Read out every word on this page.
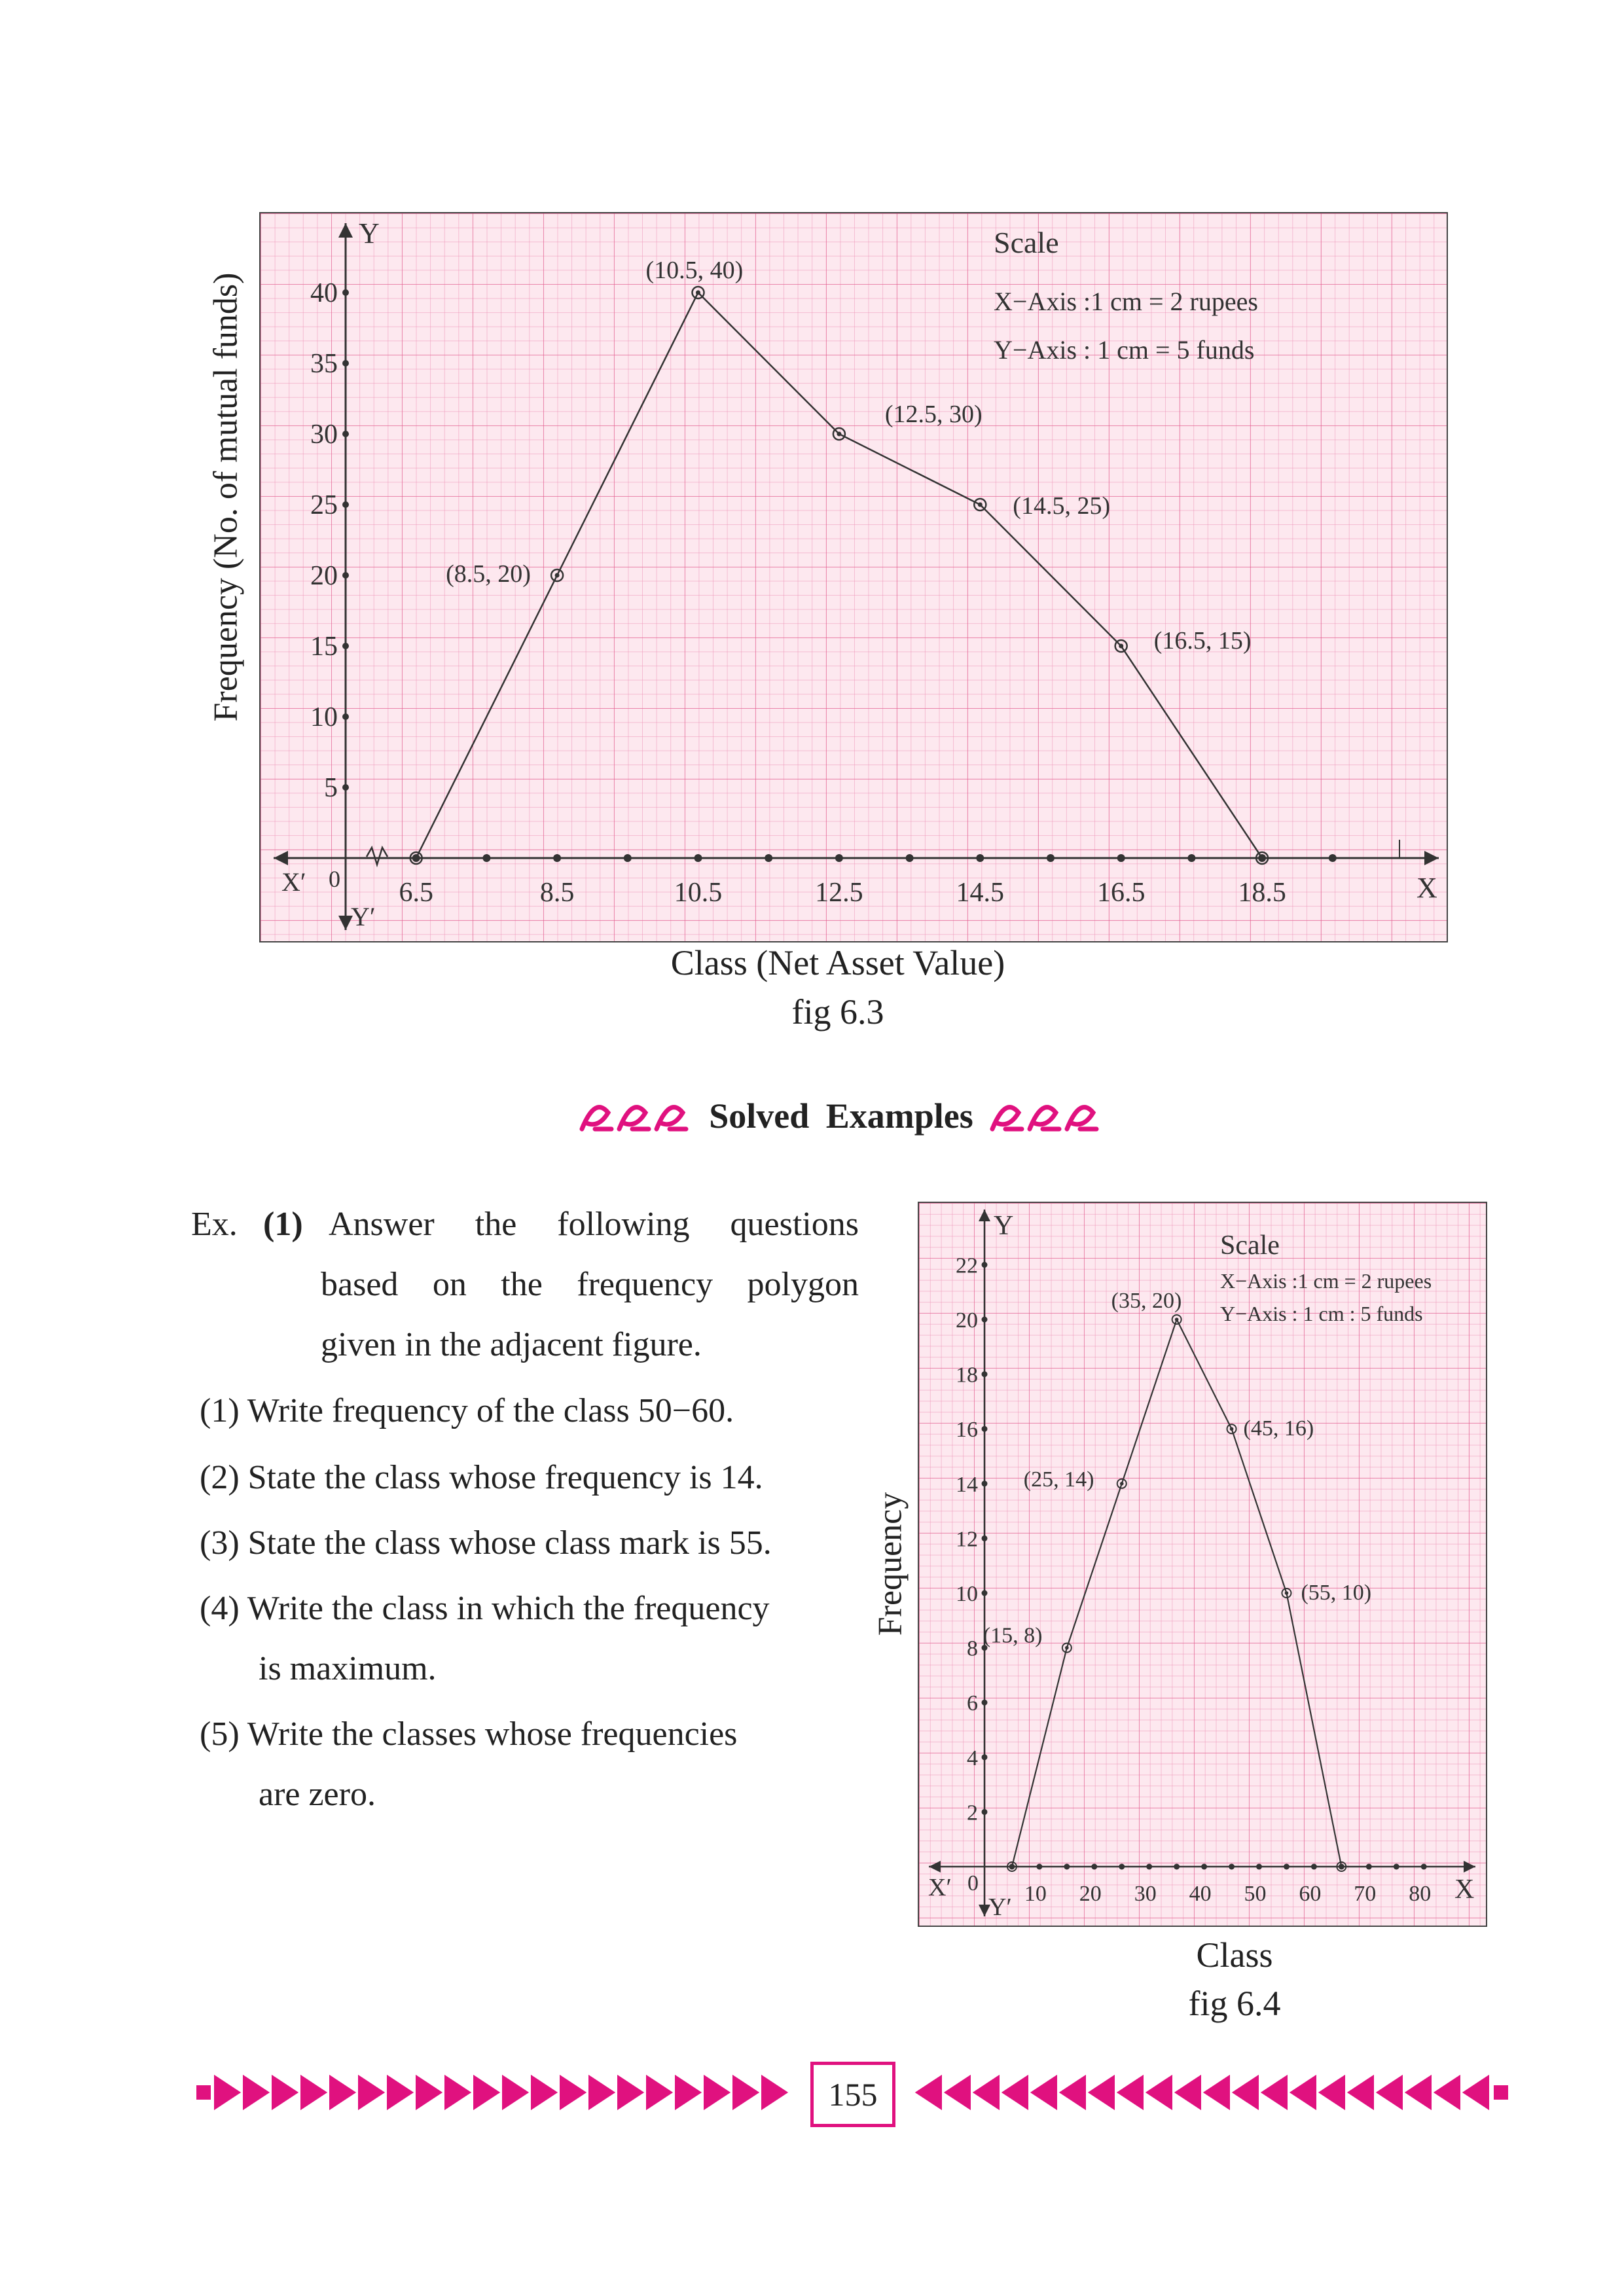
Y
Y′
X′ 0	X
6.5	8.5	10.5	12.5	14.5	16.5	18.5
5
10
15
20
25
30
35
40
(8.5, 20)
(10.5, 40)
(12.5, 30)
(14.5, 25)
(16.5, 15)
Scale
X−Axis :1 cm = 2 rupees
Y−Axis : 1 cm = 5 funds
Frequency (No. of mutual funds)
Class (Net Asset Value)
fig 6.3
Solved Examples
Ex. (1) Answer the following questions
based on the frequency polygon
given in the adjacent figure.
(1) Write frequency of the class 50−60.
(2) State the class whose frequency is 14.
(3) State the class whose class mark is 55.
(4) Write the class in which the frequency
is maximum.
(5) Write the classes whose frequencies
are zero.
Y
Y′
X′ 0	X
10 20 30 40 50 60 70 80
2
4
6
8
10
12
14
16
18
20
22
(15, 8)
(25, 14)
(35, 20)
(45, 16)
(55, 10)
Scale
X−Axis :1 cm = 2 rupees
Y−Axis : 1 cm : 5 funds
Frequency
Class
fig 6.4
155
